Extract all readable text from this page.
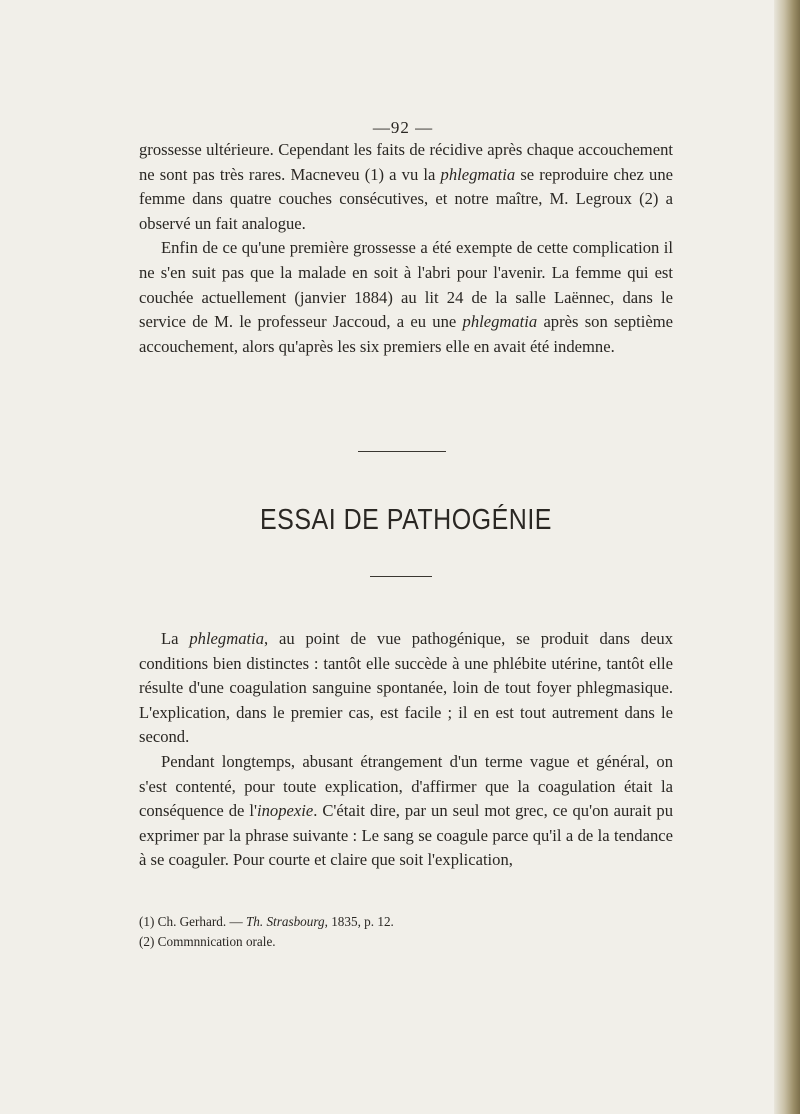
—92 —

grossesse ultérieure. Cependant les faits de récidive après chaque accouchement ne sont pas très rares. Macneveu (1) a vu la phlegmatia se reproduire chez une femme dans quatre couches consécutives, et notre maître, M. Legroux (2) a observé un fait analogue.

Enfin de ce qu'une première grossesse a été exempte de cette complication il ne s'en suit pas que la malade en soit à l'abri pour l'avenir. La femme qui est couchée actuellement (janvier 1884) au lit 24 de la salle Laënnec, dans le service de M. le professeur Jaccoud, a eu une phlegmatia après son septième accouchement, alors qu'après les six premiers elle en avait été indemne.

ESSAI DE PATHOGÉNIE

La phlegmatia, au point de vue pathogénique, se produit dans deux conditions bien distinctes : tantôt elle succède à une phlébite utérine, tantôt elle résulte d'une coagulation sanguine spontanée, loin de tout foyer phlegmasique. L'explication, dans le premier cas, est facile ; il en est tout autrement dans le second.

Pendant longtemps, abusant étrangement d'un terme vague et général, on s'est contenté, pour toute explication, d'affirmer que la coagulation était la conséquence de l'inopexie. C'était dire, par un seul mot grec, ce qu'on aurait pu exprimer par la phrase suivante : Le sang se coagule parce qu'il a de la tendance à se coaguler. Pour courte et claire que soit l'explication,

(1) Ch. Gerhard. — Th. Strasbourg, 1835, p. 12.
(2) Commnnication orale.
